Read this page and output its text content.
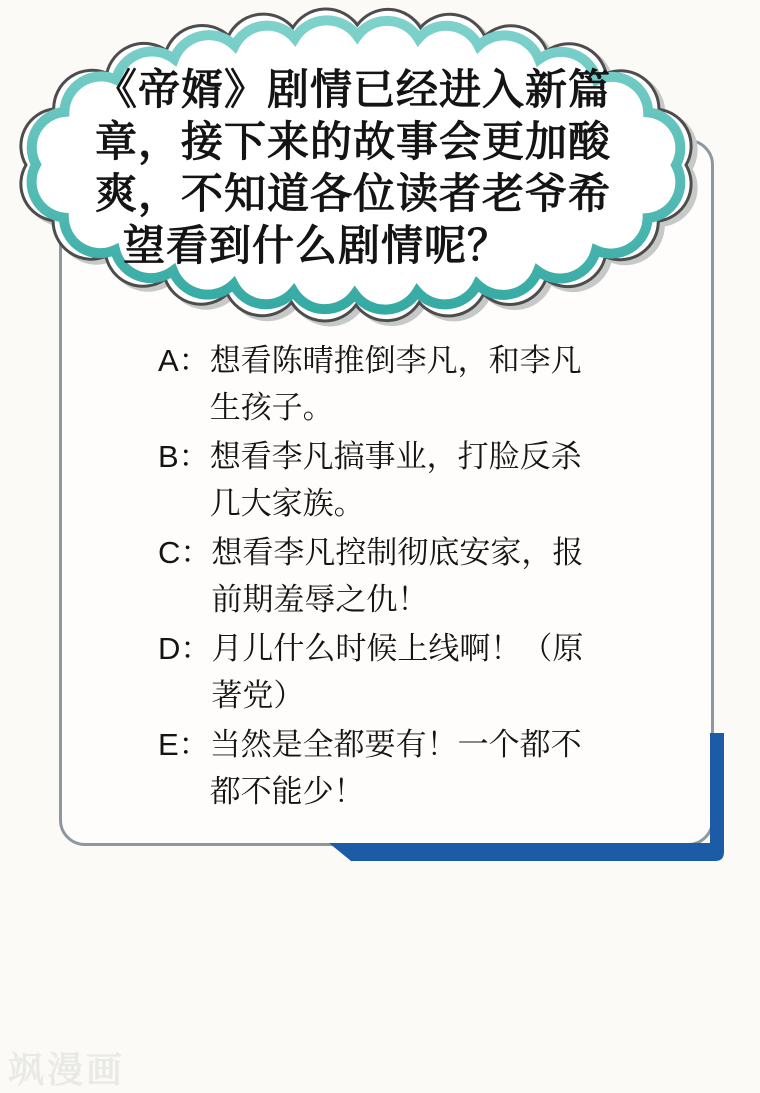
《帝婿》剧情已经进入新篇
章，接下来的故事会更加酸
爽，不知道各位读者老爷希
望看到什么剧情呢？
A： 想看陈晴推倒李凡，和李凡
生孩子。
B： 想看李凡搞事业，打脸反杀
几大家族。
C： 想看李凡控制彻底安家，报
前期羞辱之仇！
D： 月儿什么时候上线啊！（原
著党）
E： 当然是全都要有！一个都不
都不能少！
飒漫画
